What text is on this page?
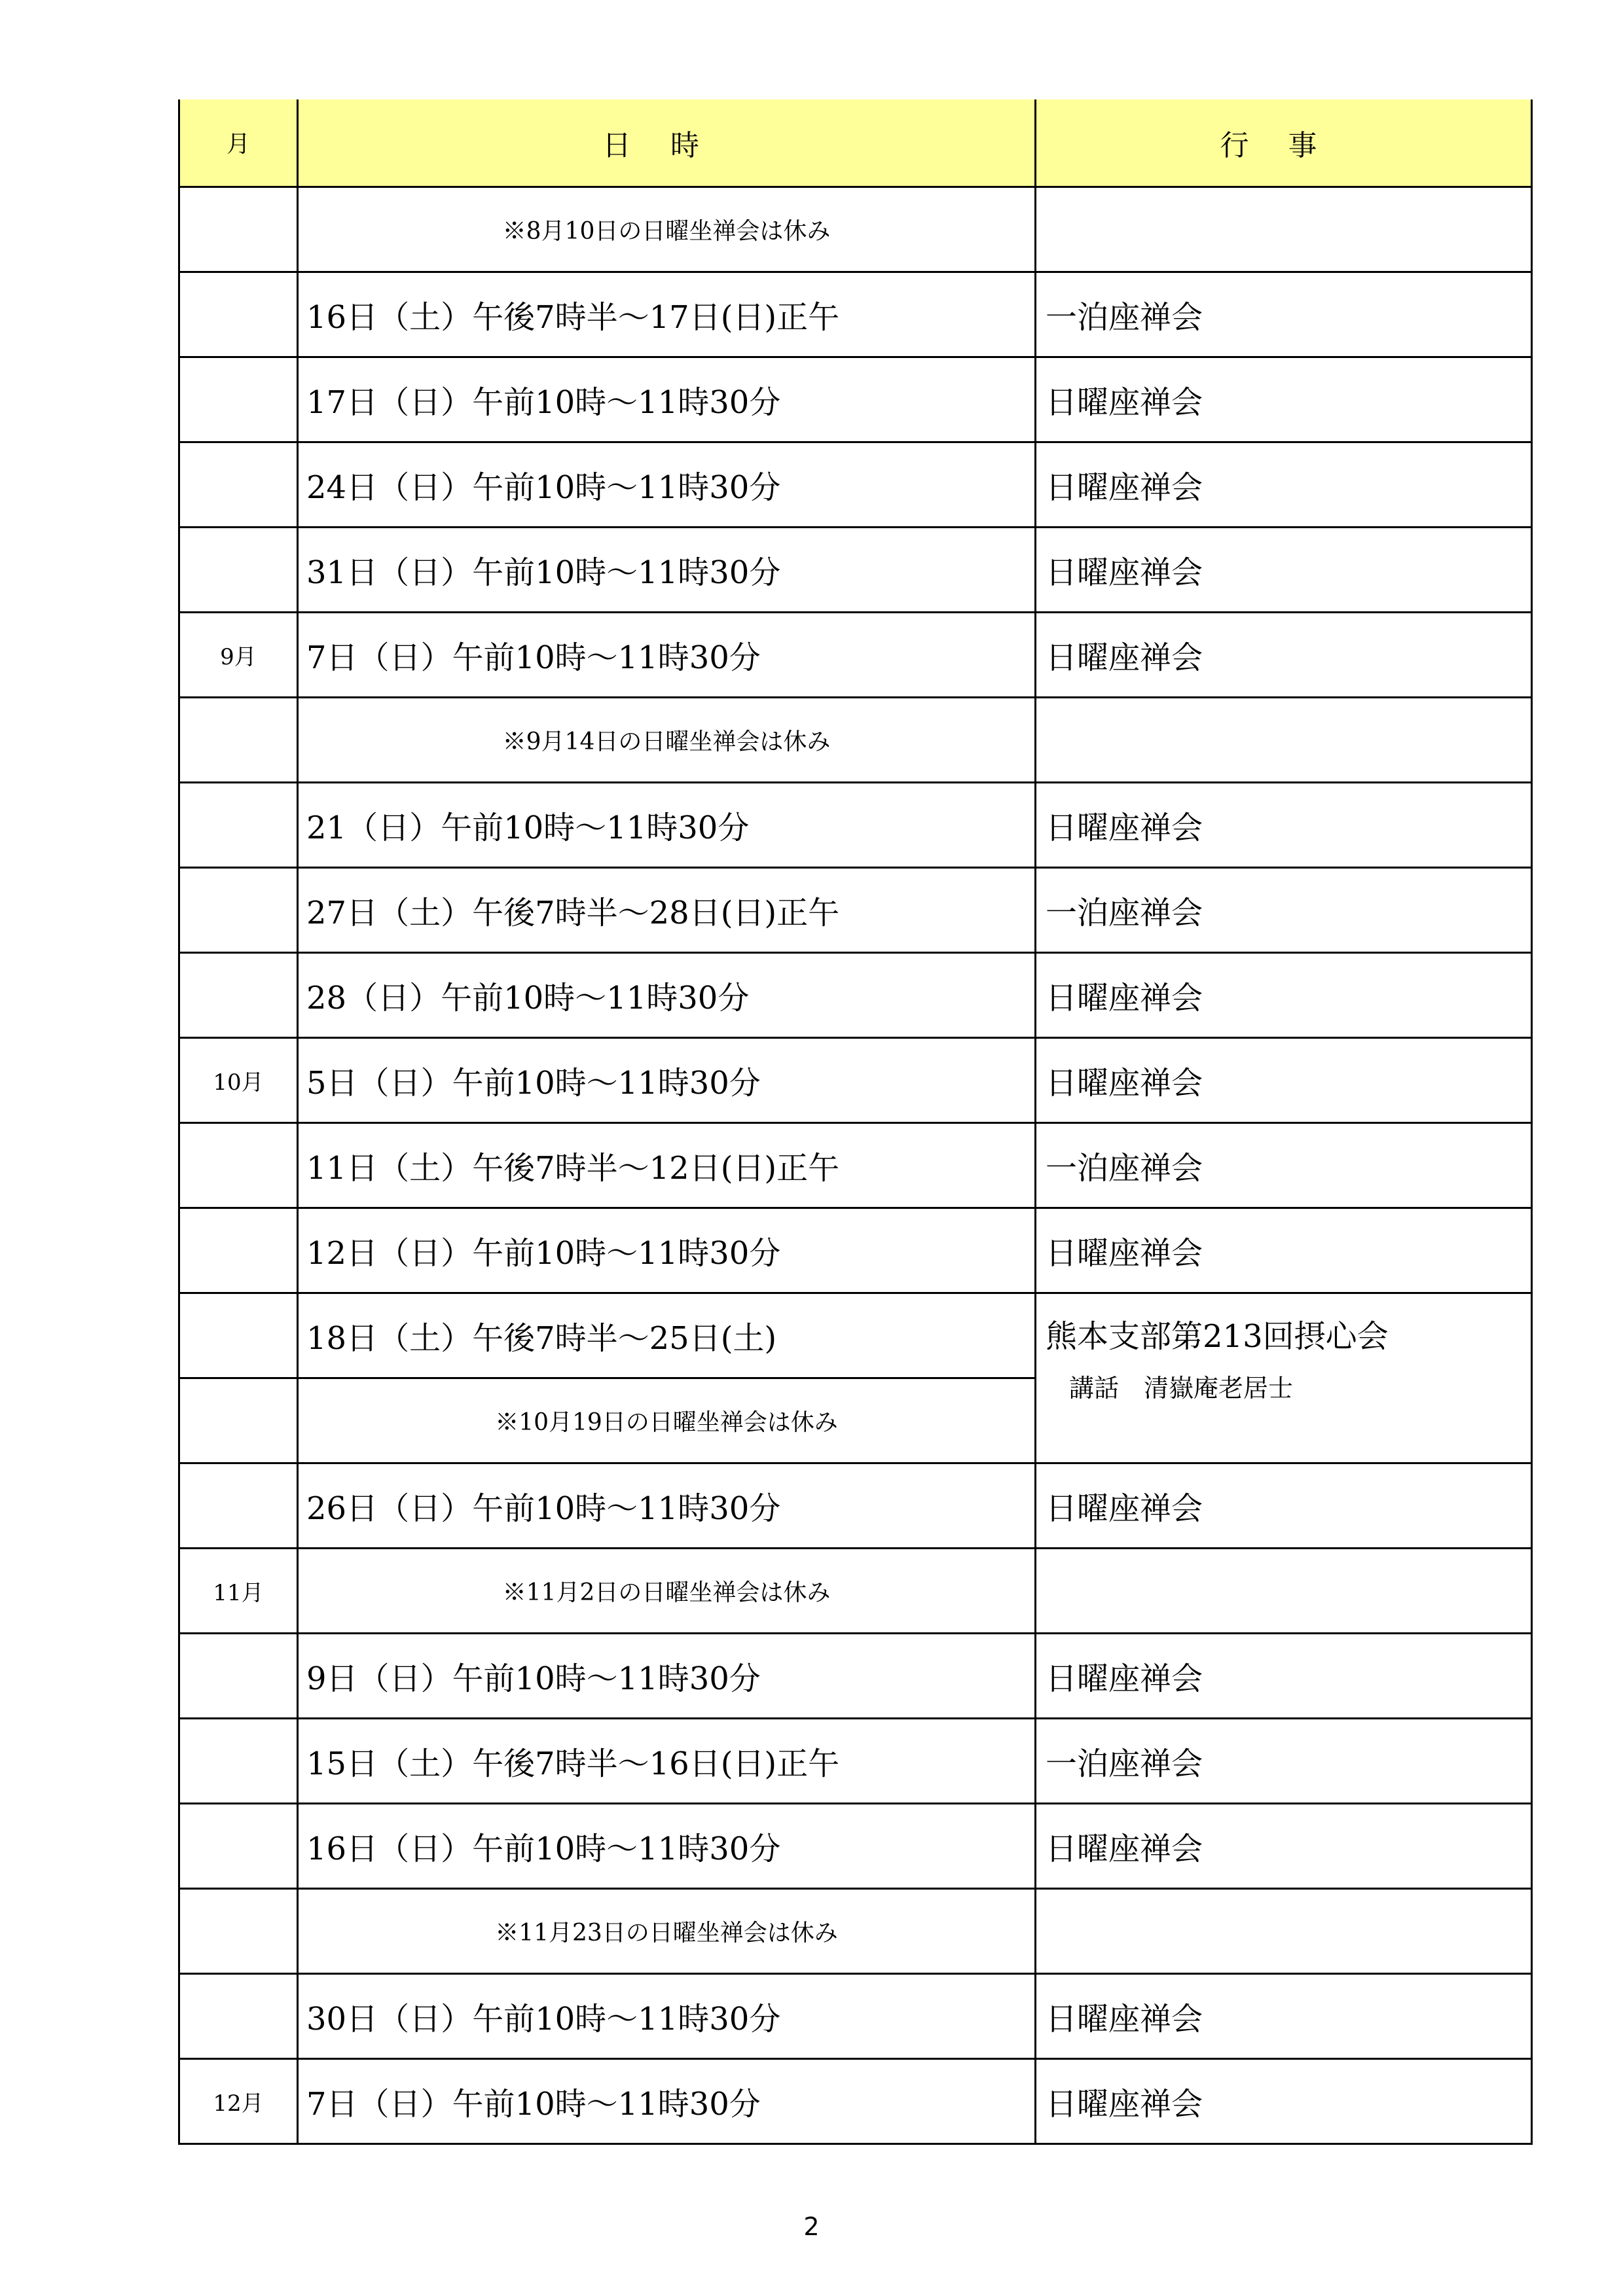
月	日時	行事
	※8月10日の日曜坐禅会は休み	
	16日（土）午後7時半～17日(日)正午	一泊座禅会
	17日（日）午前10時～11時30分	日曜座禅会
	24日（日）午前10時～11時30分	日曜座禅会
	31日（日）午前10時～11時30分	日曜座禅会
9月	7日（日）午前10時～11時30分	日曜座禅会
	※9月14日の日曜坐禅会は休み	
	21（日）午前10時～11時30分	日曜座禅会
	27日（土）午後7時半～28日(日)正午	一泊座禅会
	28（日）午前10時～11時30分	日曜座禅会
10月	5日（日）午前10時～11時30分	日曜座禅会
	11日（土）午後7時半～12日(日)正午	一泊座禅会
	12日（日）午前10時～11時30分	日曜座禅会
	18日（土）午後7時半～25日(土)	熊本支部第213回摂心会
講話　清嶽庵老居士

	※10月19日の日曜坐禅会は休み	
	26日（日）午前10時～11時30分	日曜座禅会
11月	※11月2日の日曜坐禅会は休み	
	9日（日）午前10時～11時30分	日曜座禅会
	15日（土）午後7時半～16日(日)正午	一泊座禅会
	16日（日）午前10時～11時30分	日曜座禅会
	※11月23日の日曜坐禅会は休み	
	30日（日）午前10時～11時30分	日曜座禅会
12月	7日（日）午前10時～11時30分	日曜座禅会
2
